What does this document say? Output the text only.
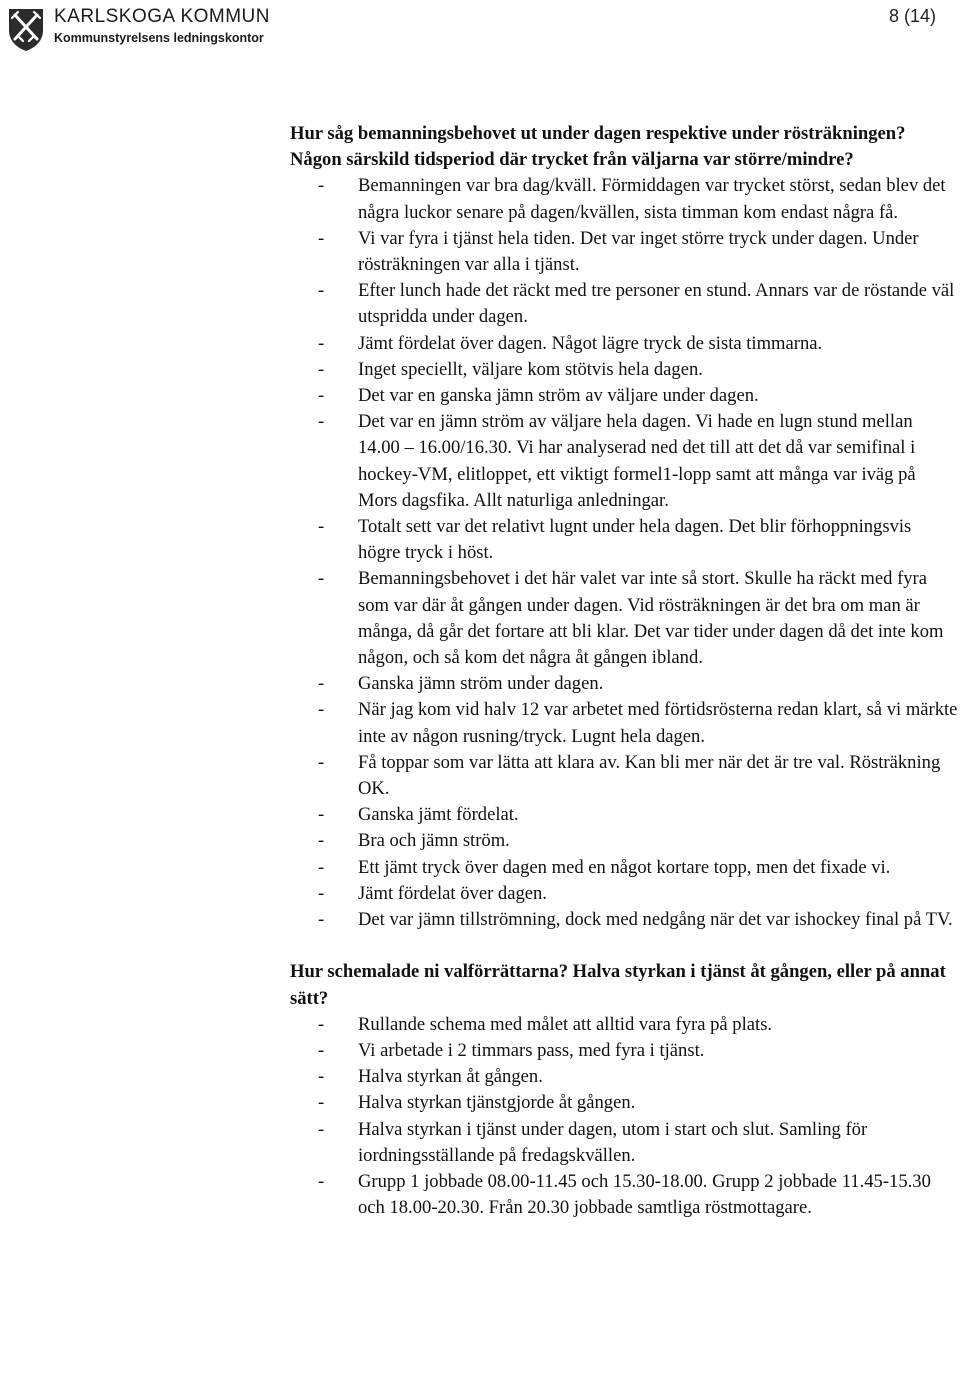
KARLSKOGA KOMMUN
Kommunstyrelsens ledningskontor
8 (14)
Hur såg bemanningsbehovet ut under dagen respektive under rösträkningen? Någon särskild tidsperiod där trycket från väljarna var större/mindre?
- Bemanningen var bra dag/kväll. Förmiddagen var trycket störst, sedan blev det några luckor senare på dagen/kvällen, sista timman kom endast några få.
- Vi var fyra i tjänst hela tiden. Det var inget större tryck under dagen. Under rösträkningen var alla i tjänst.
- Efter lunch hade det räckt med tre personer en stund. Annars var de röstande väl utspridda under dagen.
- Jämt fördelat över dagen. Något lägre tryck de sista timmarna.
- Inget speciellt, väljare kom stötvis hela dagen.
- Det var en ganska jämn ström av väljare under dagen.
- Det var en jämn ström av väljare hela dagen. Vi hade en lugn stund mellan 14.00 – 16.00/16.30. Vi har analyserad ned det till att det då var semifinal i hockey-VM, elitloppet, ett viktigt formel1-lopp samt att många var iväg på Mors dagsfika. Allt naturliga anledningar.
- Totalt sett var det relativt lugnt under hela dagen. Det blir förhoppningsvis högre tryck i höst.
- Bemanningsbehovet i det här valet var inte så stort. Skulle ha räckt med fyra som var där åt gången under dagen. Vid rösträkningen är det bra om man är många, då går det fortare att bli klar. Det var tider under dagen då det inte kom någon, och så kom det några åt gången ibland.
- Ganska jämn ström under dagen.
- När jag kom vid halv 12 var arbetet med förtidsrösterna redan klart, så vi märkte inte av någon rusning/tryck. Lugnt hela dagen.
- Få toppar som var lätta att klara av. Kan bli mer när det är tre val. Rösträkning OK.
- Ganska jämt fördelat.
- Bra och jämn ström.
- Ett jämt tryck över dagen med en något kortare topp, men det fixade vi.
- Jämt fördelat över dagen.
- Det var jämn tillströmning, dock med nedgång när det var ishockey final på TV.
Hur schemalade ni valförrättarna? Halva styrkan i tjänst åt gången, eller på annat sätt?
- Rullande schema med målet att alltid vara fyra på plats.
- Vi arbetade i 2 timmars pass, med fyra i tjänst.
- Halva styrkan åt gången.
- Halva styrkan tjänstgjorde åt gången.
- Halva styrkan i tjänst under dagen, utom i start och slut. Samling för iordningsställande på fredagskvällen.
- Grupp 1 jobbade 08.00-11.45 och 15.30-18.00. Grupp 2 jobbade 11.45-15.30 och 18.00-20.30. Från 20.30 jobbade samtliga röstmottagare.
